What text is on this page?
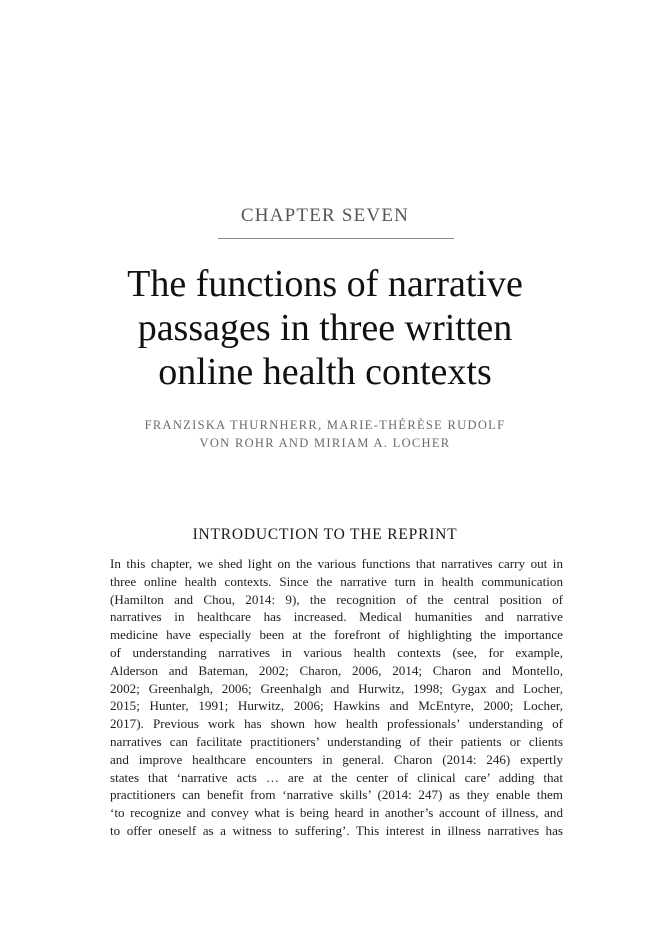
CHAPTER SEVEN
The functions of narrative
passages in three written
online health contexts
FRANZISKA THURNHERR, MARIE-THÉRÈSE RUDOLF
VON ROHR AND MIRIAM A. LOCHER
INTRODUCTION TO THE REPRINT

In this chapter, we shed light on the various functions that narratives carry out in
three online health contexts. Since the narrative turn in health communication
(Hamilton and Chou, 2014: 9), the recognition of the central position of
narratives in healthcare has increased. Medical humanities and narrative
medicine have especially been at the forefront of highlighting the importance
of understanding narratives in various health contexts (see, for example,
Alderson and Bateman, 2002; Charon, 2006, 2014; Charon and Montello,
2002; Greenhalgh, 2006; Greenhalgh and Hurwitz, 1998; Gygax and Locher,
2015; Hunter, 1991; Hurwitz, 2006; Hawkins and McEntyre, 2000; Locher,
2017). Previous work has shown how health professionals’ understanding of
narratives can facilitate practitioners’ understanding of their patients or clients
and improve healthcare encounters in general. Charon (2014: 246) expertly
states that ‘narrative acts … are at the center of clinical care’ adding that
practitioners can benefit from ‘narrative skills’ (2014: 247) as they enable them
‘to recognize and convey what is being heard in another’s account of illness, and
to offer oneself as a witness to suffering’. This interest in illness narratives has
